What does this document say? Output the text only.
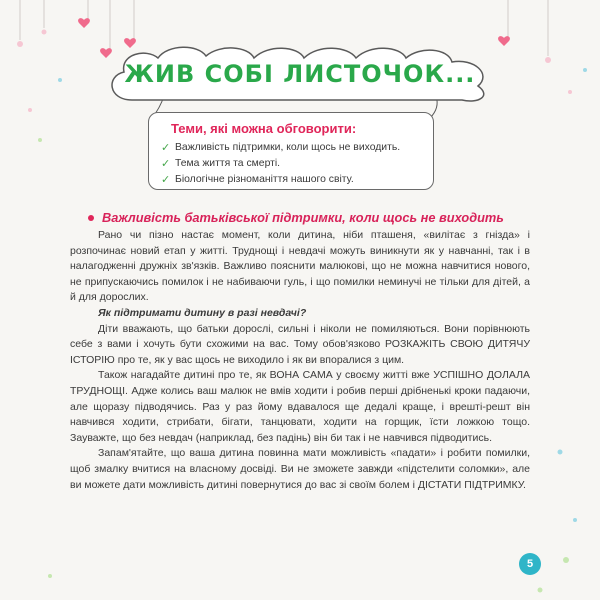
ЖИВ СОБІ ЛИСТОЧОК...
Теми, які можна обговорити:
✓ Важливість підтримки, коли щось не виходить.
✓ Тема життя та смерті.
✓ Біологічне різноманіття нашого світу.
Важливість батьківської підтримки, коли щось не виходить

Рано чи пізно настає момент, коли дитина, ніби пташеня, «вилітає з гнізда» і розпочинає новий етап у житті. Труднощі і невдачі можуть виникнути як у навчанні, так і в налагодженні дружніх зв'язків. Важливо пояснити малюкові, що не можна навчитися нового, не припускаючись помилок і не набиваючи гуль, і що помилки неминучі не тільки для дітей, а й для дорослих.

Як підтримати дитину в разі невдачі?

Діти вважають, що батьки дорослі, сильні і ніколи не помиляються. Вони порівнюють себе з вами і хочуть бути схожими на вас. Тому обов'язково РОЗКАЖІТЬ СВОЮ ДИТЯЧУ ІСТОРІЮ про те, як у вас щось не виходило і як ви впоралися з цим.

Також нагадайте дитині про те, як ВОНА САМА у своєму житті вже УСПІШНО ДОЛАЛА ТРУДНОЩІ. Адже колись ваш малюк не вмів ходити і робив перші дрібненькі кроки падаючи, але щоразу підводячись. Раз у раз йому вдавалося ще дедалі краще, і врешті-решт він навчився ходити, стрибати, бігати, танцювати, ходити на горщик, їсти ложкою тощо. Зауважте, що без невдач (наприклад, без падінь) він би так і не навчився підводитись.

Запам'ятайте, що ваша дитина повинна мати можливість «падати» і робити помилки, щоб змалку вчитися на власному досвіді. Ви не зможете завжди «підстелити соломки», але ви можете дати можливість дитині повернутися до вас зі своїм болем і ДІСТАТИ ПІДТРИМКУ.

5
